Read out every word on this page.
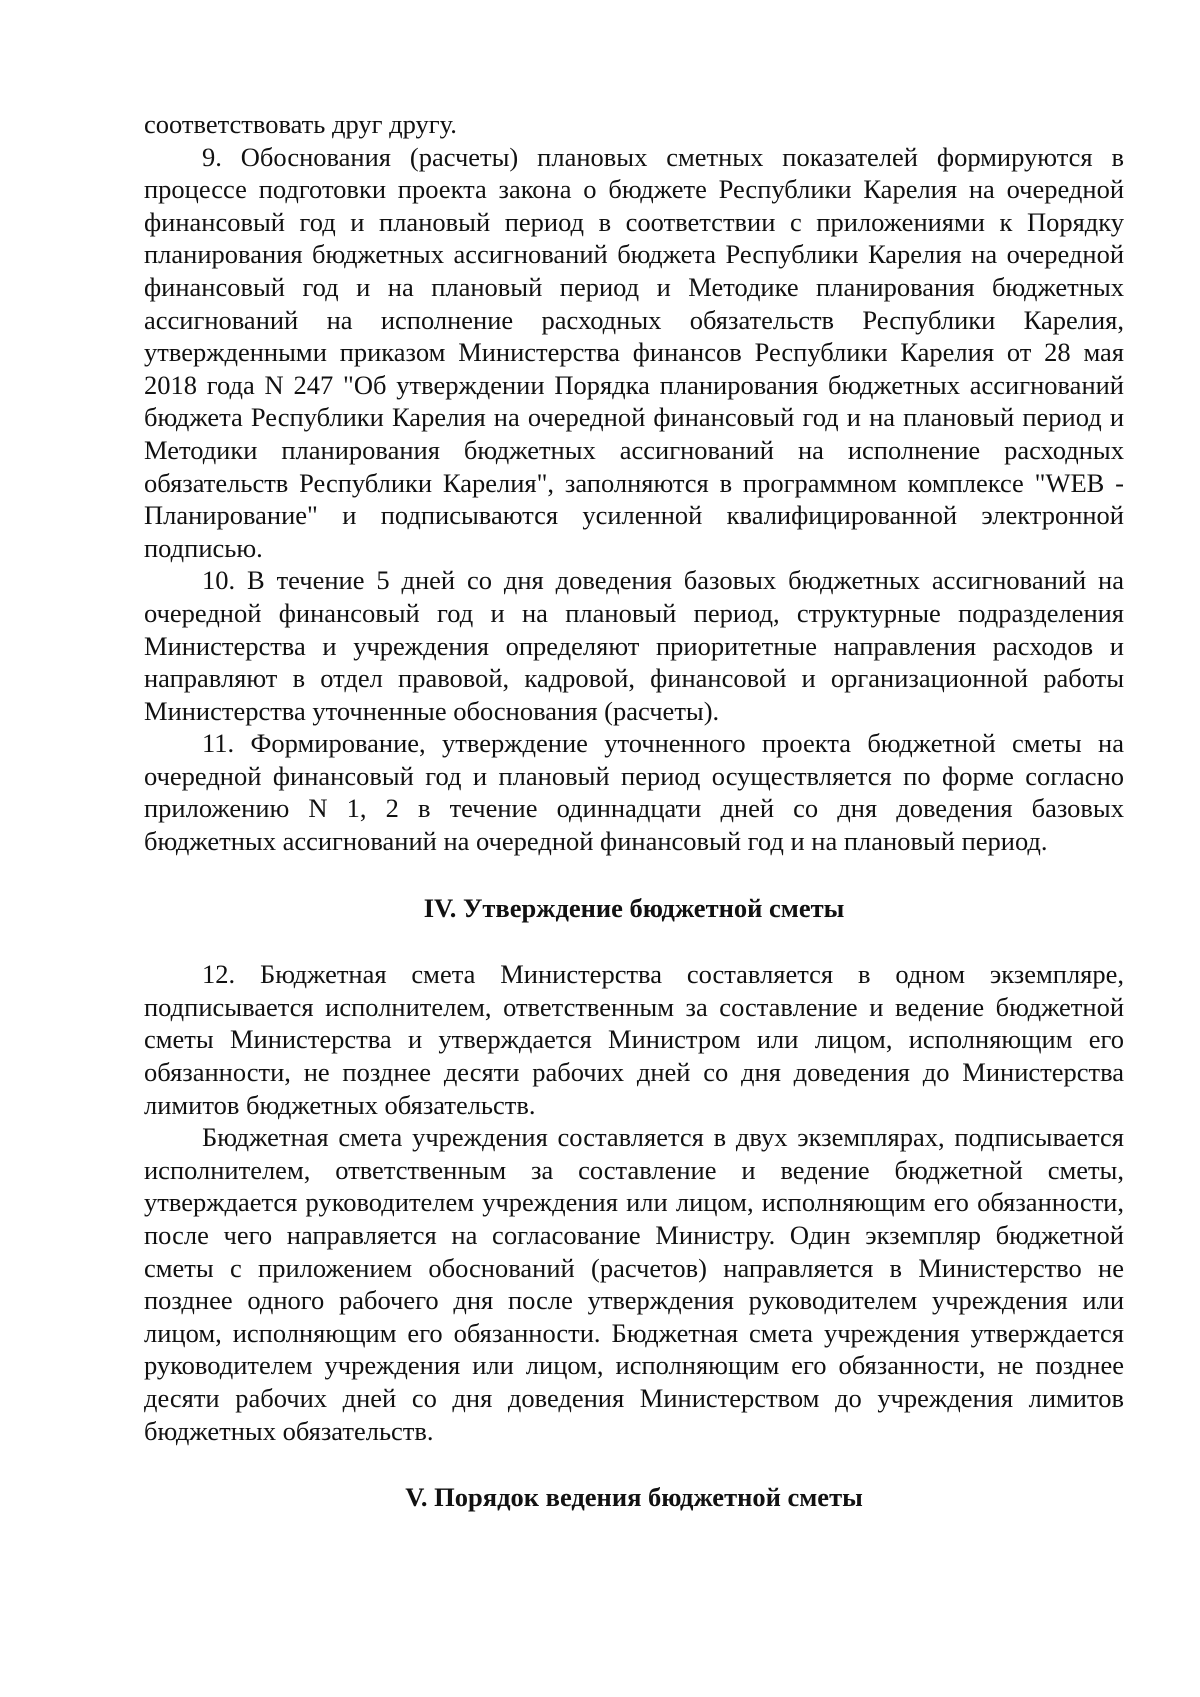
соответствовать друг другу.

9. Обоснования (расчеты) плановых сметных показателей формируются в процессе подготовки проекта закона о бюджете Республики Карелия на очередной финансовый год и плановый период в соответствии с приложениями к Порядку планирования бюджетных ассигнований бюджета Республики Карелия на очередной финансовый год и на плановый период и Методике планирования бюджетных ассигнований на исполнение расходных обязательств Республики Карелия, утвержденными приказом Министерства финансов Республики Карелия от 28 мая 2018 года N 247 "Об утверждении Порядка планирования бюджетных ассигнований бюджета Республики Карелия на очередной финансовый год и на плановый период и Методики планирования бюджетных ассигнований на исполнение расходных обязательств Республики Карелия", заполняются в программном комплексе "WEB - Планирование" и подписываются усиленной квалифицированной электронной подписью.

10. В течение 5 дней со дня доведения базовых бюджетных ассигнований на очередной финансовый год и на плановый период, структурные подразделения Министерства и учреждения определяют приоритетные направления расходов и направляют в отдел правовой, кадровой, финансовой и организационной работы Министерства уточненные обоснования (расчеты).

11. Формирование, утверждение уточненного проекта бюджетной сметы на очередной финансовый год и плановый период осуществляется по форме согласно приложению N 1, 2 в течение одиннадцати дней со дня доведения базовых бюджетных ассигнований на очередной финансовый год и на плановый период.

IV. Утверждение бюджетной сметы

12. Бюджетная смета Министерства составляется в одном экземпляре, подписывается исполнителем, ответственным за составление и ведение бюджетной сметы Министерства и утверждается Министром или лицом, исполняющим его обязанности, не позднее десяти рабочих дней со дня доведения до Министерства лимитов бюджетных обязательств.

Бюджетная смета учреждения составляется в двух экземплярах, подписывается исполнителем, ответственным за составление и ведение бюджетной сметы, утверждается руководителем учреждения или лицом, исполняющим его обязанности, после чего направляется на согласование Министру. Один экземпляр бюджетной сметы с приложением обоснований (расчетов) направляется в Министерство не позднее одного рабочего дня после утверждения руководителем учреждения или лицом, исполняющим его обязанности. Бюджетная смета учреждения утверждается руководителем учреждения или лицом, исполняющим его обязанности, не позднее десяти рабочих дней со дня доведения Министерством до учреждения лимитов бюджетных обязательств.

V. Порядок ведения бюджетной сметы
